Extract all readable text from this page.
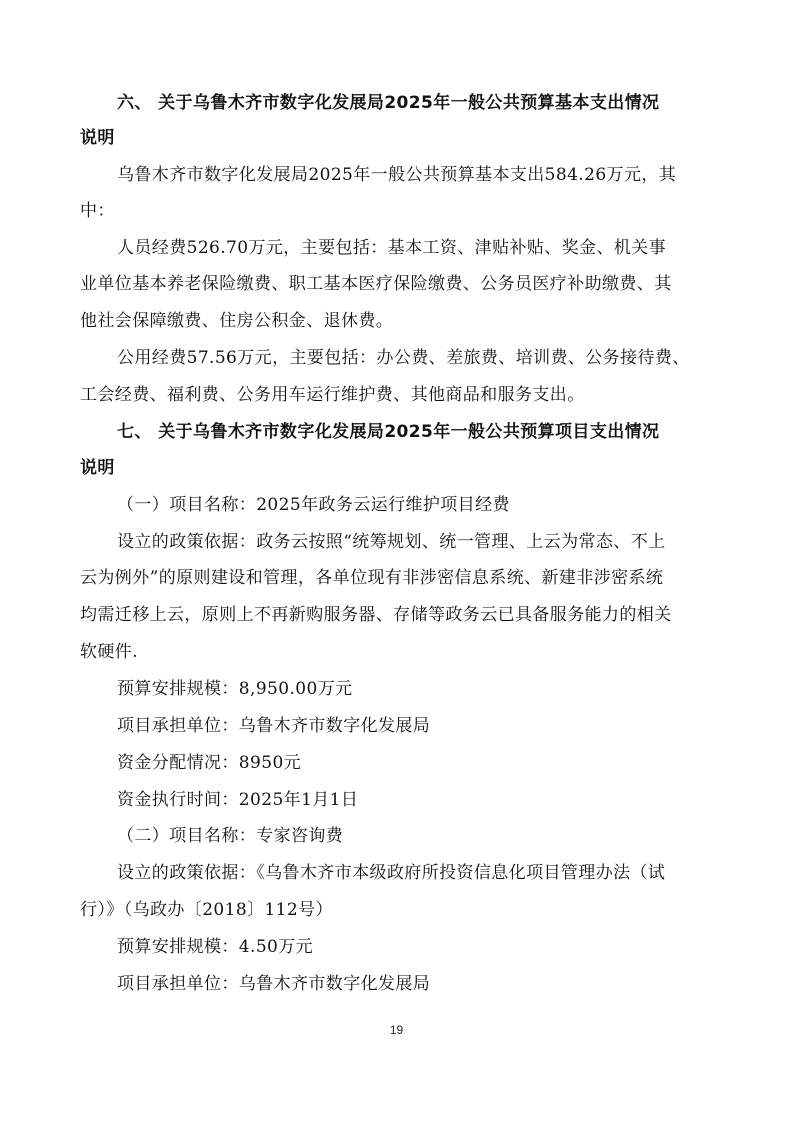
六、 关于乌鲁木齐市数字化发展局2025年一般公共预算基本支出情况
说明
乌鲁木齐市数字化发展局2025年一般公共预算基本支出584.26万元，其
中：
人员经费526.70万元，主要包括：基本工资、津贴补贴、奖金、机关事
业单位基本养老保险缴费、职工基本医疗保险缴费、公务员医疗补助缴费、其
他社会保障缴费、住房公积金、退休费。
公用经费57.56万元，主要包括：办公费、差旅费、培训费、公务接待费、
工会经费、福利费、公务用车运行维护费、其他商品和服务支出。
七、 关于乌鲁木齐市数字化发展局2025年一般公共预算项目支出情况
说明
（一）项目名称：2025年政务云运行维护项目经费
设立的政策依据：政务云按照“统筹规划、统一管理、上云为常态、不上
云为例外”的原则建设和管理，各单位现有非涉密信息系统、新建非涉密系统
均需迁移上云，原则上不再新购服务器、存储等政务云已具备服务能力的相关
软硬件.
预算安排规模：8,950.00万元
项目承担单位：乌鲁木齐市数字化发展局
资金分配情况：8950元
资金执行时间：2025年1月1日
（二）项目名称：专家咨询费
设立的政策依据：《乌鲁木齐市本级政府所投资信息化项目管理办法（试
行）》（乌政办〔2018〕112号）
预算安排规模：4.50万元
项目承担单位：乌鲁木齐市数字化发展局
19
